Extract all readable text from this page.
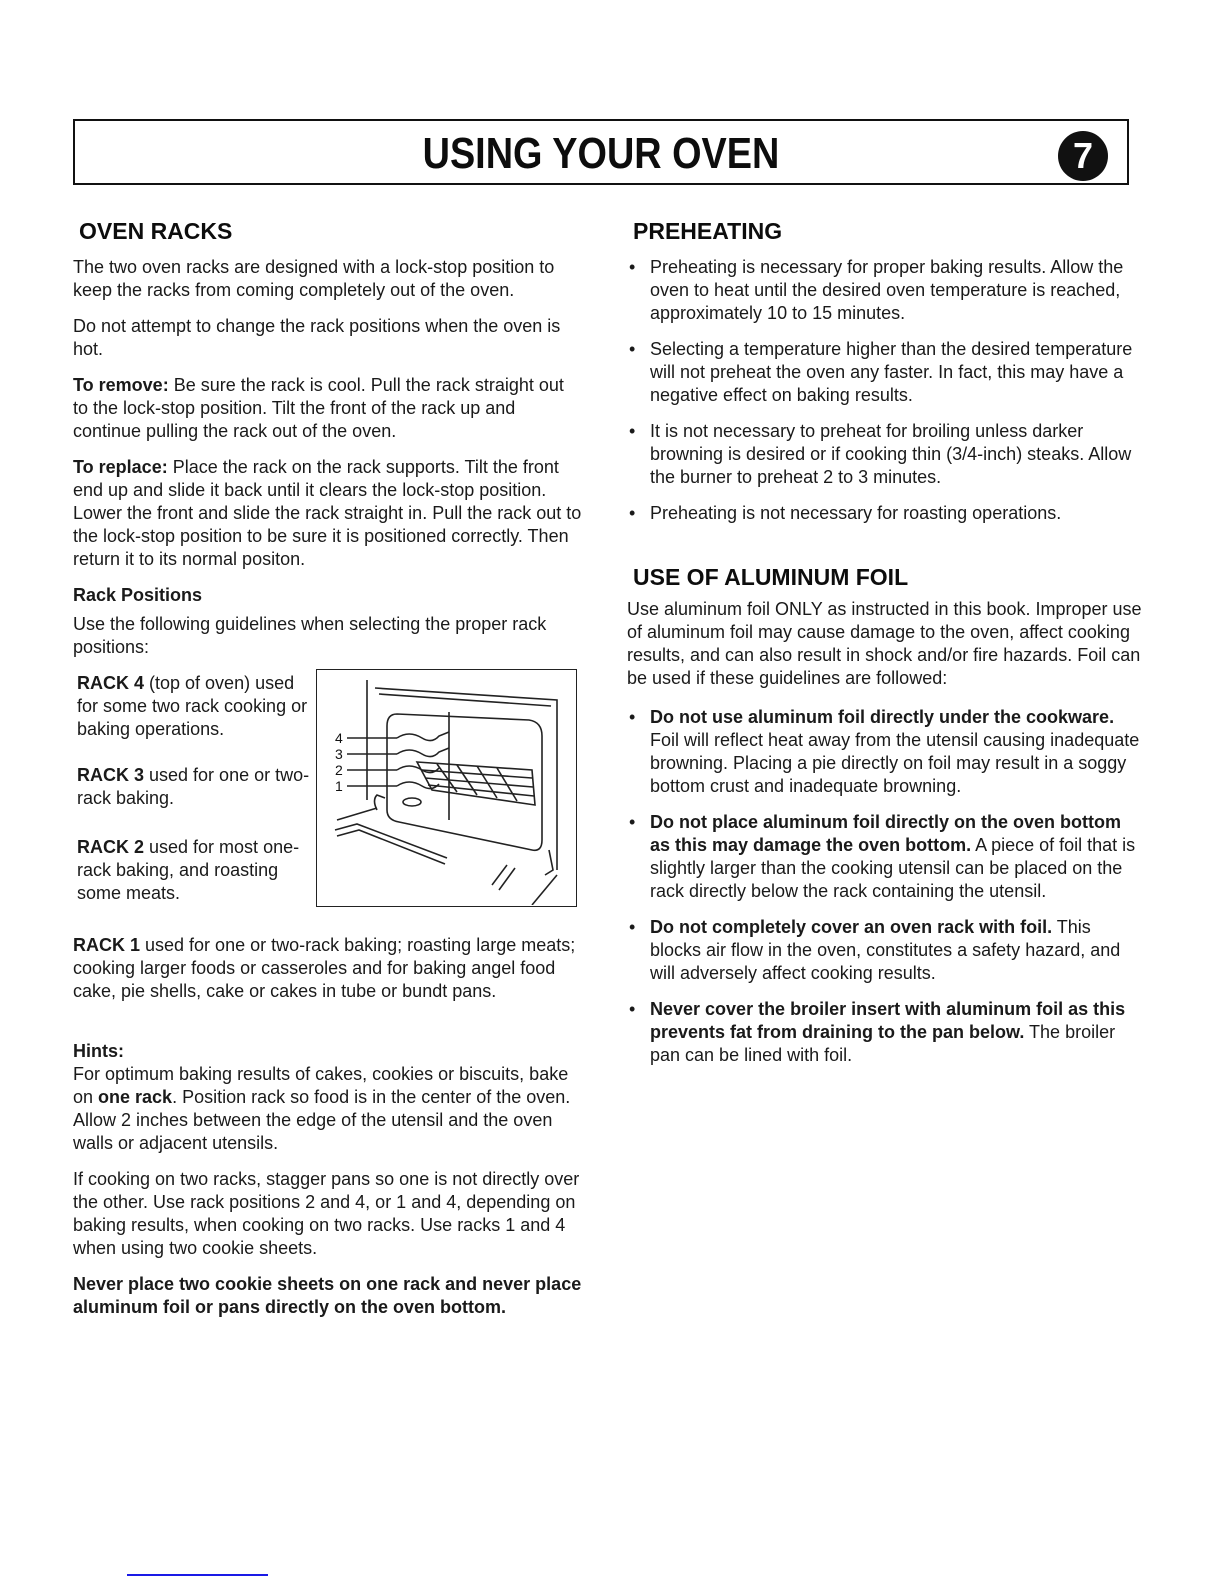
USING YOUR OVEN	7
OVEN RACKS

The two oven racks are designed with a lock-stop position to keep the racks from coming completely out of the oven.

Do not attempt to change the rack positions when the oven is hot.

To remove: Be sure the rack is cool. Pull the rack straight out to the lock-stop position. Tilt the front of the rack up and continue pulling the rack out of the oven.

To replace: Place the rack on the rack supports. Tilt the front end up and slide it back until it clears the lock-stop position. Lower the front and slide the rack straight in. Pull the rack out to the lock-stop position to be sure it is positioned correctly. Then return it to its normal positon.

Rack Positions

Use the following guidelines when selecting the proper rack positions:

RACK 4 (top of oven) used for some two rack cooking or baking operations.
RACK 3 used for one or two-rack baking.
RACK 2 used for most one-rack baking, and roasting some meats.
4
3
2
1

RACK 1 used for one or two-rack baking; roasting large meats; cooking larger foods or casseroles and for baking angel food cake, pie shells, cake or cakes in tube or bundt pans.

Hints:

For optimum baking results of cakes, cookies or biscuits, bake on one rack. Position rack so food is in the center of the oven. Allow 2 inches between the edge of the utensil and the oven walls or adjacent utensils.

If cooking on two racks, stagger pans so one is not directly over the other. Use rack positions 2 and 4, or 1 and 4, depending on baking results, when cooking on two racks. Use racks 1 and 4 when using two cookie sheets.

Never place two cookie sheets on one rack and never place aluminum foil or pans directly on the oven bottom.

PREHEATING
• Preheating is necessary for proper baking results. Allow the oven to heat until the desired oven temperature is reached, approximately 10 to 15 minutes.
• Selecting a temperature higher than the desired temperature will not preheat the oven any faster. In fact, this may have a negative effect on baking results.
• It is not necessary to preheat for broiling unless darker browning is desired or if cooking thin (3/4-inch) steaks. Allow the burner to preheat 2 to 3 minutes.
• Preheating is not necessary for roasting operations.
USE OF ALUMINUM FOIL

Use aluminum foil ONLY as instructed in this book. Improper use of aluminum foil may cause damage to the oven, affect cooking results, and can also result in shock and/or fire hazards. Foil can be used if these guidelines are followed:

• Do not use aluminum foil directly under the cookware. Foil will reflect heat away from the utensil causing inadequate browning. Placing a pie directly on foil may result in a soggy bottom crust and inadequate browning.
• Do not place aluminum foil directly on the oven bottom as this may damage the oven bottom. A piece of foil that is slightly larger than the cooking utensil can be placed on the rack directly below the rack containing the utensil.
• Do not completely cover an oven rack with foil. This blocks air flow in the oven, constitutes a safety hazard, and will adversely affect cooking results.
• Never cover the broiler insert with aluminum foil as this prevents fat from draining to the pan below. The broiler pan can be lined with foil.
